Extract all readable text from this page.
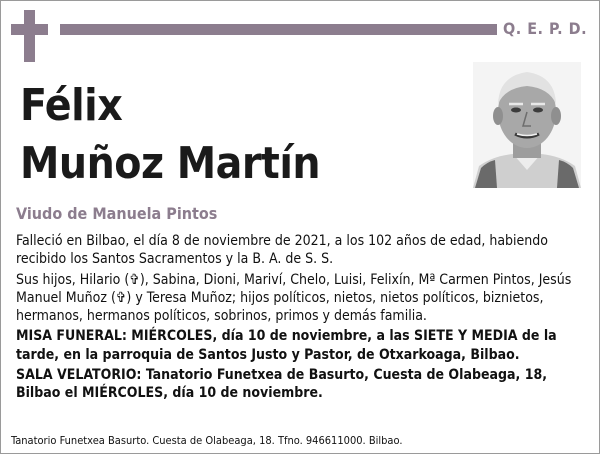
Q. E. P. D.
Félix
Muñoz Martín
Viudo de Manuela Pintos

Falleció en Bilbao, el día 8 de noviembre de 2021, a los 102 años de edad, habiendo recibido los Santos Sacramentos y la B. A. de S. S.

Sus hijos, Hilario (✞), Sabina, Dioni, Mariví, Chelo, Luisi, Felixín, Mª Carmen Pintos, Jesús Manuel Muñoz (✞) y Teresa Muñoz; hijos políticos, nietos, nietos políticos, biznietos, hermanos, hermanos políticos, sobrinos, primos y demás familia.

MISA FUNERAL: MIÉRCOLES, día 10 de noviembre, a las SIETE Y MEDIA de la tarde, en la parroquia de Santos Justo y Pastor, de Otxarkoaga, Bilbao.

SALA VELATORIO: Tanatorio Funetxea de Basurto, Cuesta de Olabeaga, 18, Bilbao el MIÉRCOLES, día 10 de noviembre.

Tanatorio Funetxea Basurto. Cuesta de Olabeaga, 18. Tfno. 946611000. Bilbao.
